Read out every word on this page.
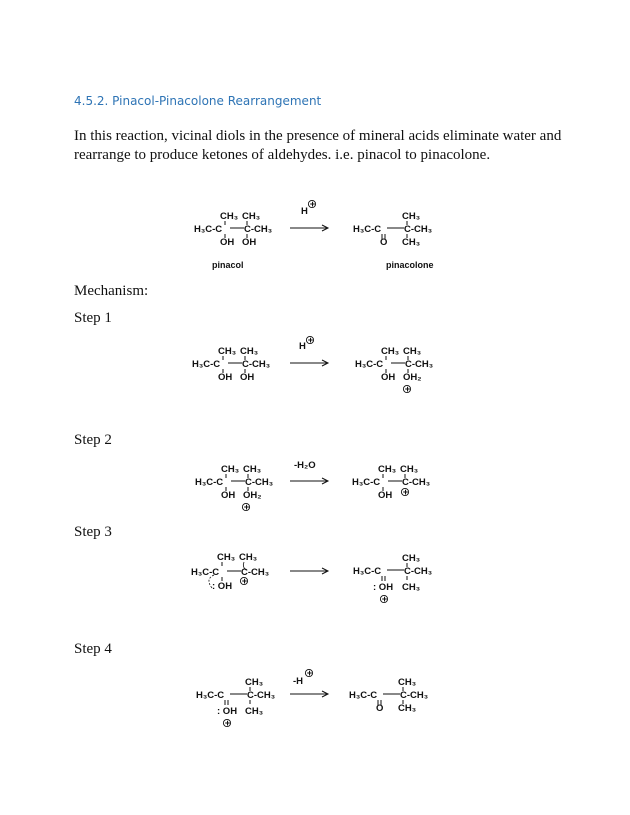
4.5.2. Pinacol-Pinacolone Rearrangement
In this reaction, vicinal diols in the presence of mineral acids eliminate water and rearrange to produce ketones of aldehydes. i.e. pinacol to pinacolone.
CH₃ CH₃
H₃C-C C-CH₃
OH OH
pinacol
H
+
CH₃
H₃C-C C-CH₃
O CH₃
pinacolone
Mechanism:
Step 1
CH₃ CH₃
H₃C-C C-CH₃
OH OH
H
+
CH₃ CH₃
H₃C-C C-CH₃
OH OH₂
+
Step 2
CH₃ CH₃
H₃C-C C-CH₃
OH OH₂
+
-H₂O	CH₃ CH₃
H₃C-C C-CH₃
+
OH
Step 3
CH₃ CH₃
H₃C-C C-CH₃
+
: OH
CH₃
H₃C-C C-CH₃
: OH CH₃
+
Step 4
CH₃
H₃C-C C-CH₃
: OH CH₃
+
-H
+
CH₃
H₃C-C C-CH₃
O CH₃
